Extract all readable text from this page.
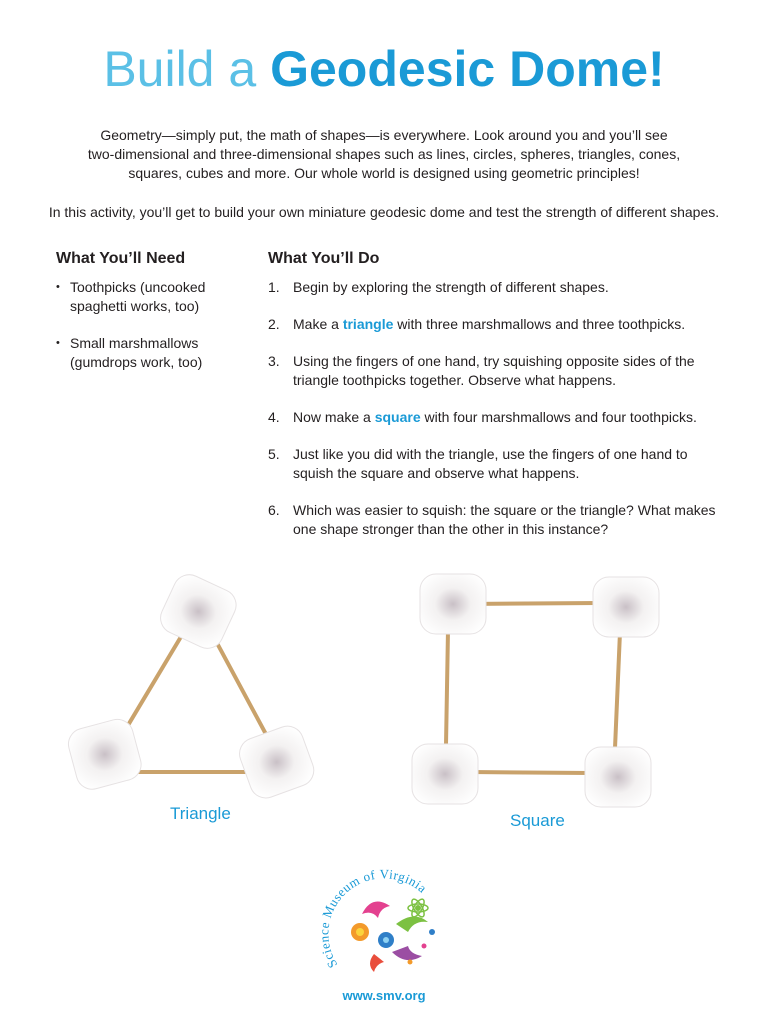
Build a Geodesic Dome!
Geometry—simply put, the math of shapes—is everywhere. Look around you and you’ll see
two-dimensional and three-dimensional shapes such as lines, circles, spheres, triangles, cones,
squares, cubes and more. Our whole world is designed using geometric principles!
In this activity, you’ll get to build your own miniature geodesic dome and test the strength of different shapes.
What You’ll Need	What You’ll Do
• Toothpicks (uncooked spaghetti works, too)
• Small marshmallows (gumdrops work, too)
1. Begin by exploring the strength of different shapes.
2. Make a triangle with three marshmallows and three toothpicks.
3. Using the fingers of one hand, try squishing opposite sides of the triangle toothpicks together. Observe what happens.
4. Now make a square with four marshmallows and four toothpicks.
5. Just like you did with the triangle, use the fingers of one hand to squish the square and observe what happens.
6. Which was easier to squish: the square or the triangle? What makes one shape stronger than the other in this instance?
Triangle	Square
Science Museum of Virginia
www.smv.org
